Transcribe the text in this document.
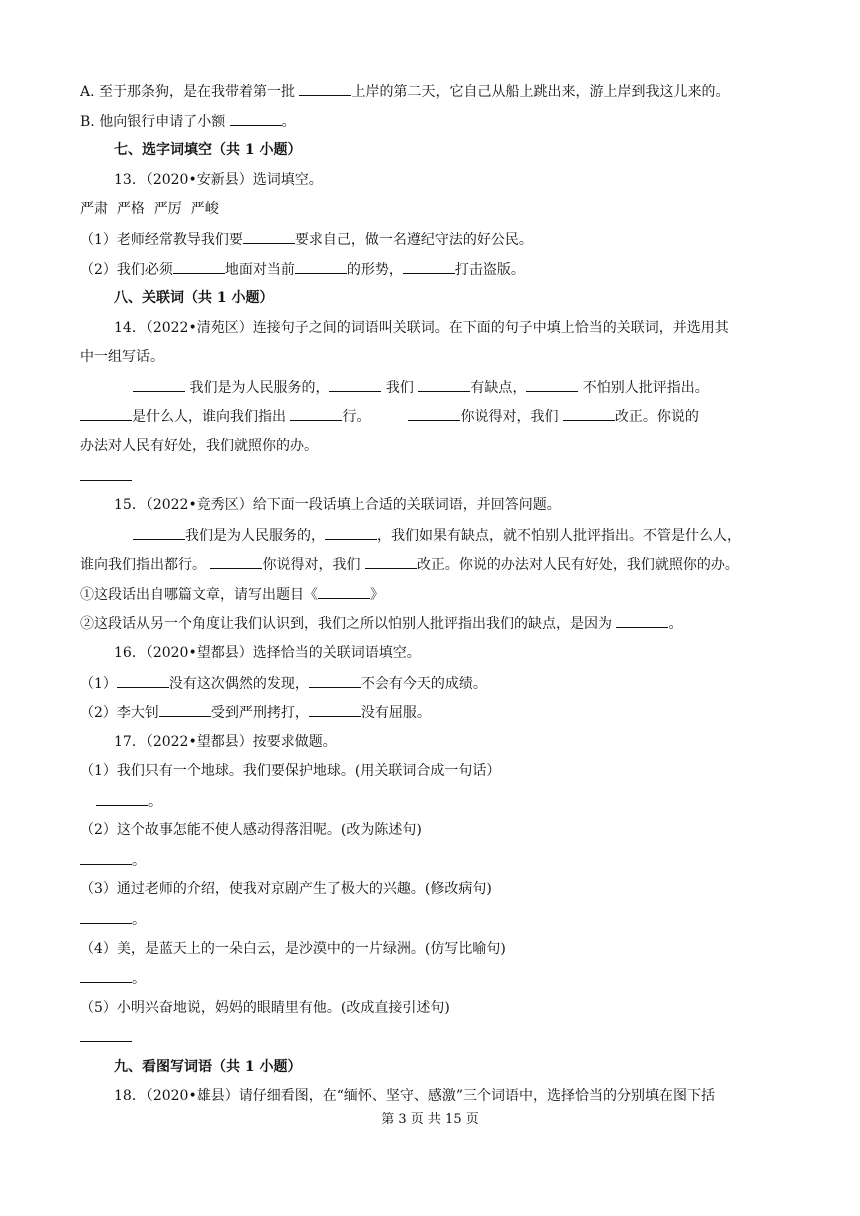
A. 至于那条狗，是在我带着第一批	上岸的第二天，它自己从船上跳出来，游上岸到我这儿来的。
B. 他向银行申请了小额	。
七、选字词填空（共 1 小题）
13．（2020•安新县）选词填空。
严肃  严格  严厉  严峻
（1）老师经常教导我们要	要求自己，做一名遵纪守法的好公民。
（2）我们必须	地面对当前	的形势，	打击盗版。
八、关联词（共 1 小题）
14．（2022•清苑区）连接句子之间的词语叫关联词。在下面的句子中填上恰当的关联词，并选用其
中一组写话。
我们是为人民服务的，	我们	有缺点，	不怕别人批评指出。
是什么人，谁向我们指出	行。	你说得对，我们	改正。你说的
办法对人民有好处，我们就照你的办。
15．（2022•竞秀区）给下面一段话填上合适的关联词语，并回答问题。
我们是为人民服务的，	，我们如果有缺点，就不怕别人批评指出。不管是什么人，
谁向我们指出都行。	你说得对，我们	改正。你说的办法对人民有好处，我们就照你的办。
①这段话出自哪篇文章，请写出题目《	》
②这段话从另一个角度让我们认识到，我们之所以怕别人批评指出我们的缺点，是因为	。
16．（2020•望都县）选择恰当的关联词语填空。
（1）	没有这次偶然的发现，	不会有今天的成绩。
（2）李大钊	受到严刑拷打，	没有屈服。
17．（2022•望都县）按要求做题。
（1）我们只有一个地球。我们要保护地球。(用关联词合成一句话）
。
（2）这个故事怎能不使人感动得落泪呢。(改为陈述句)
。
（3）通过老师的介绍，使我对京剧产生了极大的兴趣。(修改病句)
。
（4）美，是蓝天上的一朵白云，是沙漠中的一片绿洲。(仿写比喻句)
。
（5）小明兴奋地说，妈妈的眼睛里有他。(改成直接引述句)
九、看图写词语（共 1 小题）
18．（2020•雄县）请仔细看图，在“缅怀、坚守、感激”三个词语中，选择恰当的分别填在图下括
第 3 页 共 15 页
